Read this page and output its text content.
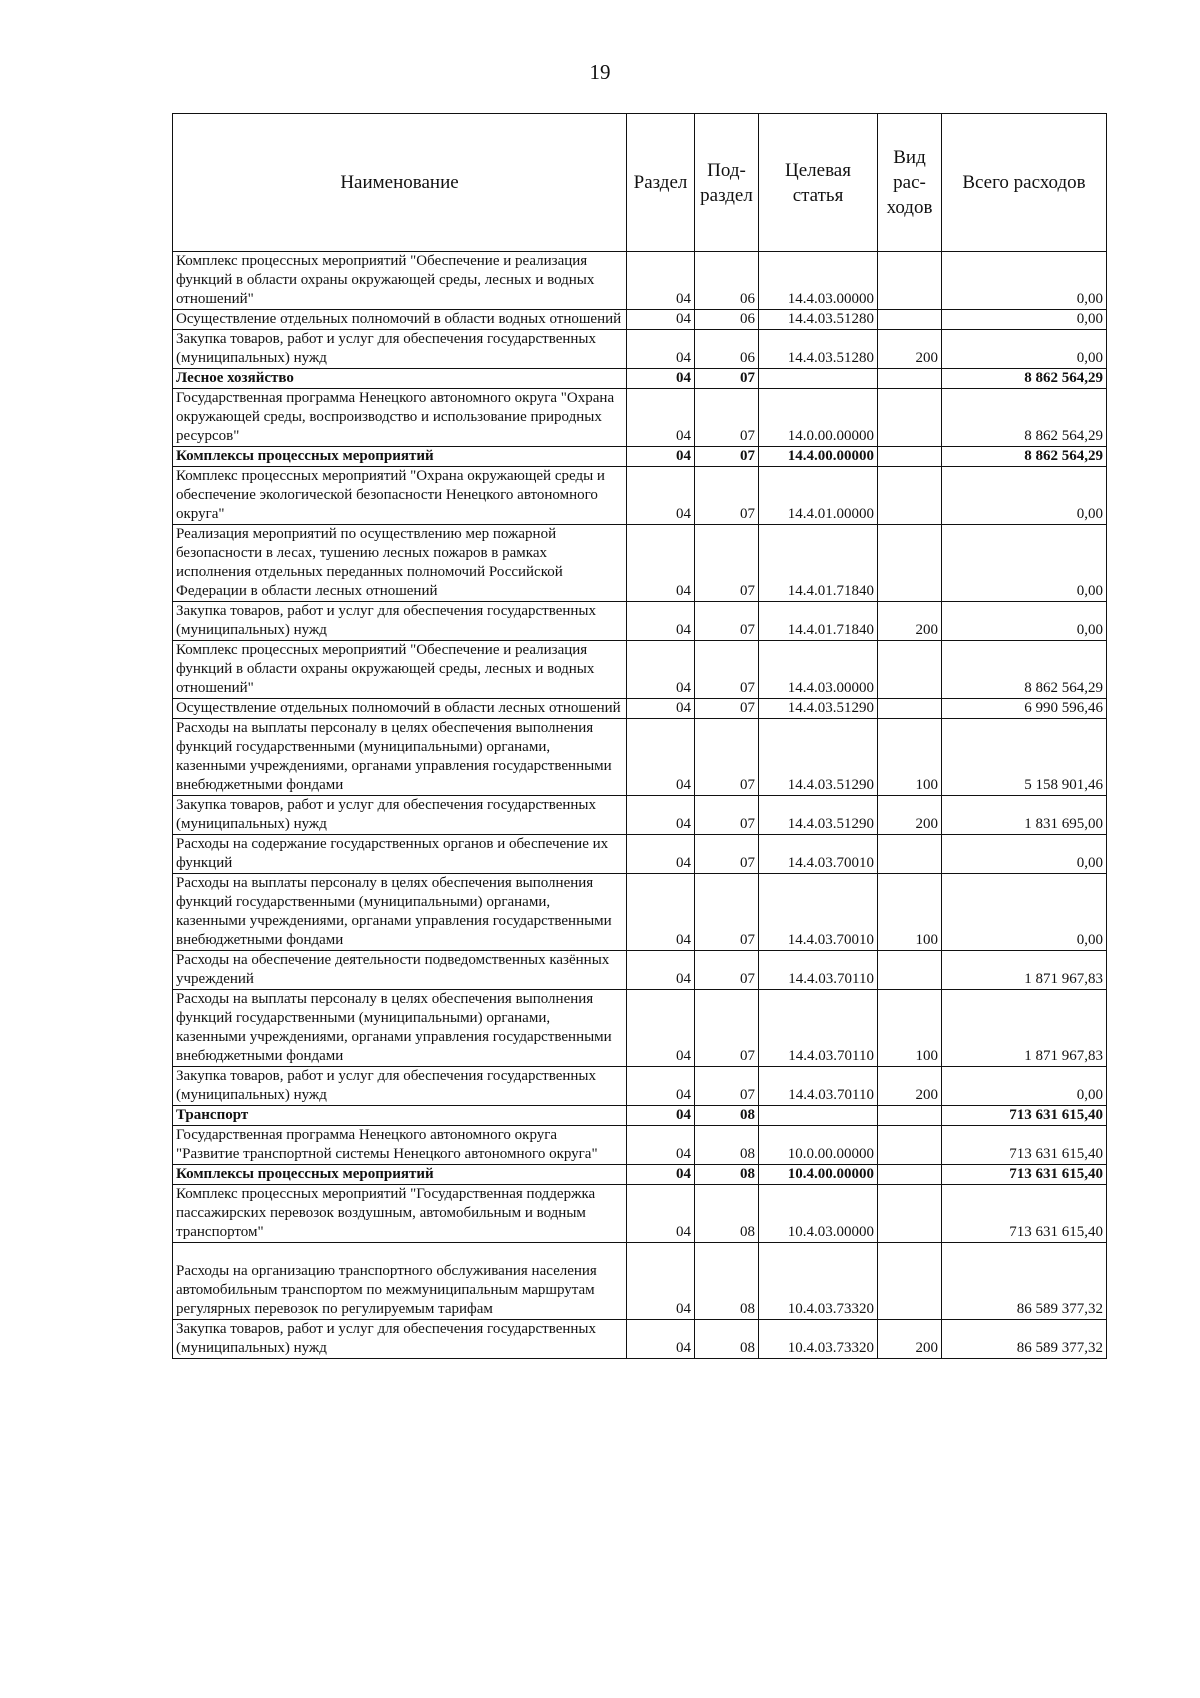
19
Наименование	Раздел	Под- раздел	Целевая статья	Вид рас- ходов	Всего расходов
Комплекс процессных мероприятий "Обеспечение и реализация функций в области охраны окружающей среды, лесных и водных отношений"	04	06	14.4.03.00000		0,00
Осуществление отдельных полномочий в области водных отношений	04	06	14.4.03.51280		0,00
Закупка товаров, работ и услуг для обеспечения государственных (муниципальных) нужд	04	06	14.4.03.51280	200	0,00
Лесное хозяйство	04	07			8 862 564,29
Государственная программа Ненецкого автономного округа "Охрана окружающей среды, воспроизводство и использование природных ресурсов"	04	07	14.0.00.00000		8 862 564,29
Комплексы процессных мероприятий	04	07	14.4.00.00000		8 862 564,29
Комплекс процессных мероприятий "Охрана окружающей среды и обеспечение экологической безопасности Ненецкого автономного округа"	04	07	14.4.01.00000		0,00
Реализация мероприятий по осуществлению мер пожарной безопасности в лесах, тушению лесных пожаров в рамках исполнения отдельных переданных полномочий Российской Федерации в области лесных отношений	04	07	14.4.01.71840		0,00
Закупка товаров, работ и услуг для обеспечения государственных (муниципальных) нужд	04	07	14.4.01.71840	200	0,00
Комплекс процессных мероприятий "Обеспечение и реализация функций в области охраны окружающей среды, лесных и водных отношений"	04	07	14.4.03.00000		8 862 564,29
Осуществление отдельных полномочий в области лесных отношений	04	07	14.4.03.51290		6 990 596,46
Расходы на выплаты персоналу в целях обеспечения выполнения функций государственными (муниципальными) органами, казенными учреждениями, органами управления государственными внебюджетными фондами	04	07	14.4.03.51290	100	5 158 901,46
Закупка товаров, работ и услуг для обеспечения государственных (муниципальных) нужд	04	07	14.4.03.51290	200	1 831 695,00
Расходы на содержание государственных органов и обеспечение их функций	04	07	14.4.03.70010		0,00
Расходы на выплаты персоналу в целях обеспечения выполнения функций государственными (муниципальными) органами, казенными учреждениями, органами управления государственными внебюджетными фондами	04	07	14.4.03.70010	100	0,00
Расходы на обеспечение деятельности подведомственных казённых учреждений	04	07	14.4.03.70110		1 871 967,83
Расходы на выплаты персоналу в целях обеспечения выполнения функций государственными (муниципальными) органами, казенными учреждениями, органами управления государственными внебюджетными фондами	04	07	14.4.03.70110	100	1 871 967,83
Закупка товаров, работ и услуг для обеспечения государственных (муниципальных) нужд	04	07	14.4.03.70110	200	0,00
Транспорт	04	08			713 631 615,40
Государственная программа Ненецкого автономного округа "Развитие транспортной системы Ненецкого автономного округа"	04	08	10.0.00.00000		713 631 615,40
Комплексы процессных мероприятий	04	08	10.4.00.00000		713 631 615,40
Комплекс процессных мероприятий "Государственная поддержка пассажирских перевозок воздушным, автомобильным и водным транспортом"	04	08	10.4.03.00000		713 631 615,40
Расходы на организацию транспортного обслуживания населения автомобильным транспортом по межмуниципальным маршрутам регулярных перевозок по регулируемым тарифам	04	08	10.4.03.73320		86 589 377,32
Закупка товаров, работ и услуг для обеспечения государственных (муниципальных) нужд	04	08	10.4.03.73320	200	86 589 377,32
